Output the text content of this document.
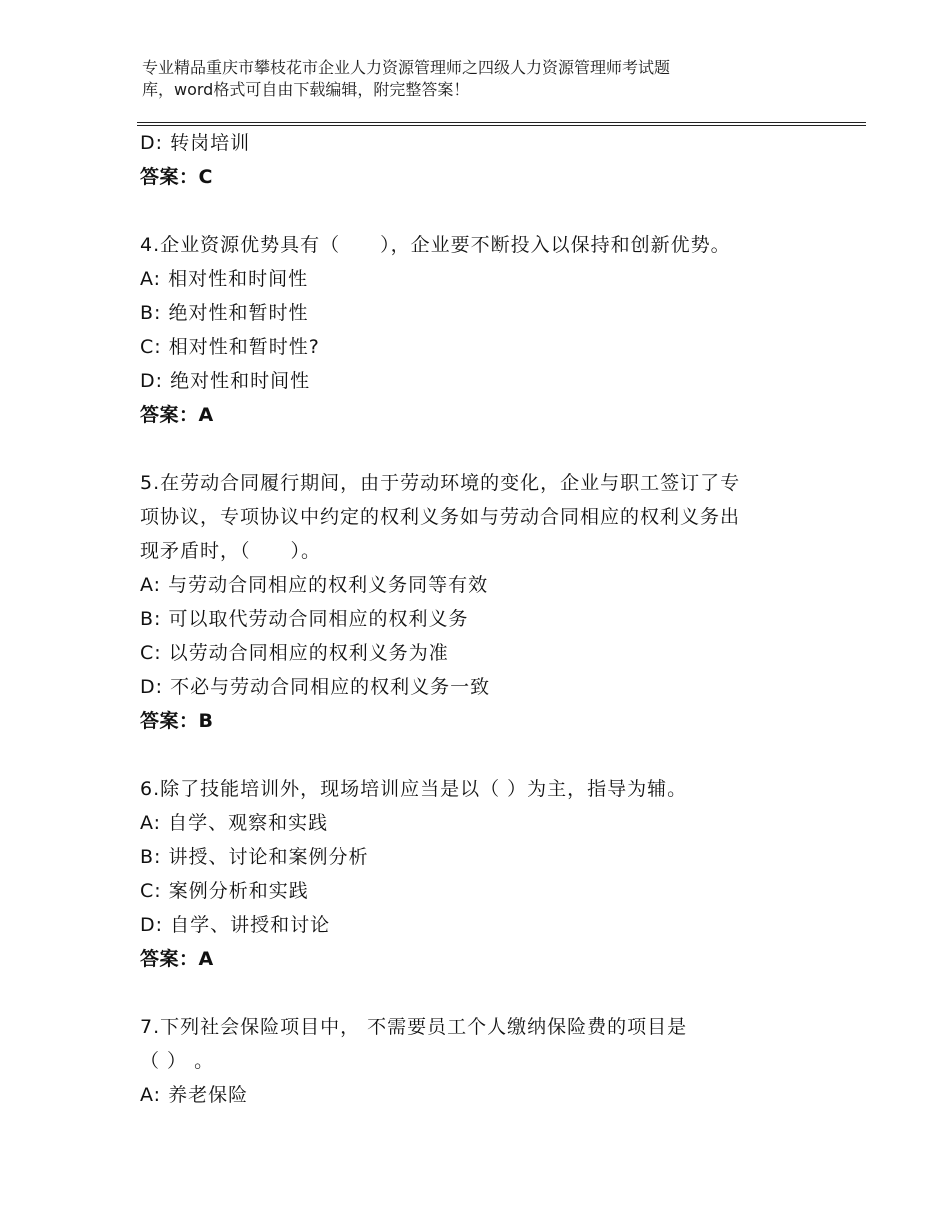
专业精品重庆市攀枝花市企业人力资源管理师之四级人力资源管理师考试题
库，word格式可自由下载编辑，附完整答案！
D: 转岗培训
答案：C
4.企业资源优势具有（　　），企业要不断投入以保持和创新优势。
A: 相对性和时间性
B: 绝对性和暂时性
C: 相对性和暂时性?
D: 绝对性和时间性
答案：A
5.在劳动合同履行期间，由于劳动环境的变化，企业与职工签订了专
项协议，专项协议中约定的权利义务如与劳动合同相应的权利义务出
现矛盾时，（　　）。
A: 与劳动合同相应的权利义务同等有效
B: 可以取代劳动合同相应的权利义务
C: 以劳动合同相应的权利义务为准
D: 不必与劳动合同相应的权利义务一致
答案：B
6.除了技能培训外，现场培训应当是以（ ）为主，指导为辅。
A: 自学、观察和实践
B: 讲授、讨论和案例分析
C: 案例分析和实践
D: 自学、讲授和讨论
答案：A
7.下列社会保险项目中， 不需要员工个人缴纳保险费的项目是
（ ） 。
A: 养老保险
